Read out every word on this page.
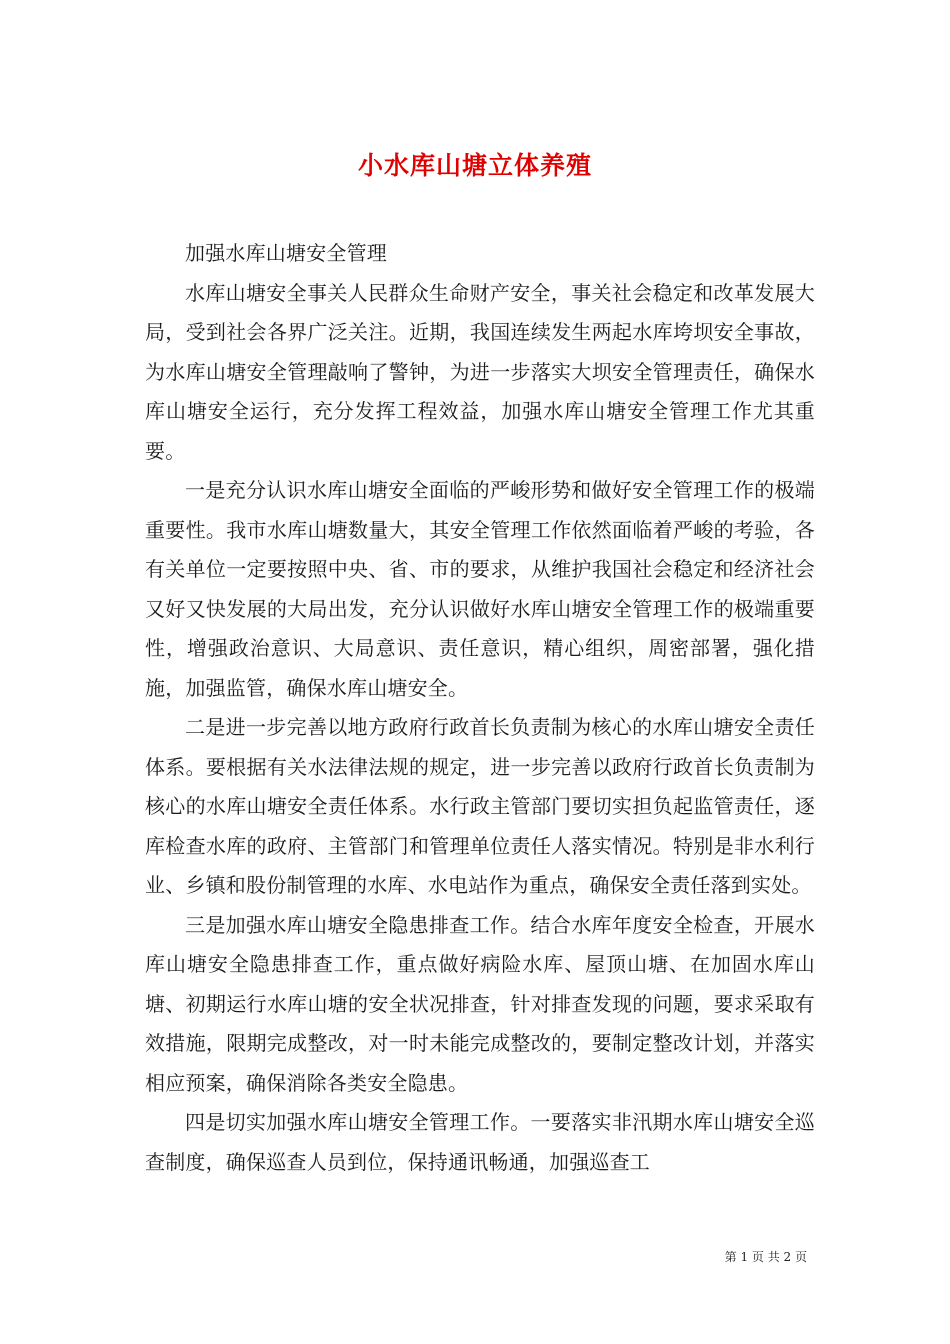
小水库山塘立体养殖

加强水库山塘安全管理

水库山塘安全事关人民群众生命财产安全，事关社会稳定和改革发展大局，受到社会各界广泛关注。近期，我国连续发生两起水库垮坝安全事故，为水库山塘安全管理敲响了警钟，为进一步落实大坝安全管理责任，确保水库山塘安全运行，充分发挥工程效益，加强水库山塘安全管理工作尤其重要。

一是充分认识水库山塘安全面临的严峻形势和做好安全管理工作的极端重要性。我市水库山塘数量大，其安全管理工作依然面临着严峻的考验，各有关单位一定要按照中央、省、市的要求，从维护我国社会稳定和经济社会又好又快发展的大局出发，充分认识做好水库山塘安全管理工作的极端重要性，增强政治意识、大局意识、责任意识，精心组织，周密部署，强化措施，加强监管，确保水库山塘安全。

二是进一步完善以地方政府行政首长负责制为核心的水库山塘安全责任体系。要根据有关水法律法规的规定，进一步完善以政府行政首长负责制为核心的水库山塘安全责任体系。水行政主管部门要切实担负起监管责任，逐库检查水库的政府、主管部门和管理单位责任人落实情况。特别是非水利行业、乡镇和股份制管理的水库、水电站作为重点，确保安全责任落到实处。

三是加强水库山塘安全隐患排查工作。结合水库年度安全检查，开展水库山塘安全隐患排查工作，重点做好病险水库、屋顶山塘、在加固水库山塘、初期运行水库山塘的安全状况排查，针对排查发现的问题，要求采取有效措施，限期完成整改，对一时未能完成整改的，要制定整改计划，并落实相应预案，确保消除各类安全隐患。

四是切实加强水库山塘安全管理工作。一要落实非汛期水库山塘安全巡查制度，确保巡查人员到位，保持通讯畅通，加强巡查工

第 1 页 共 2 页
